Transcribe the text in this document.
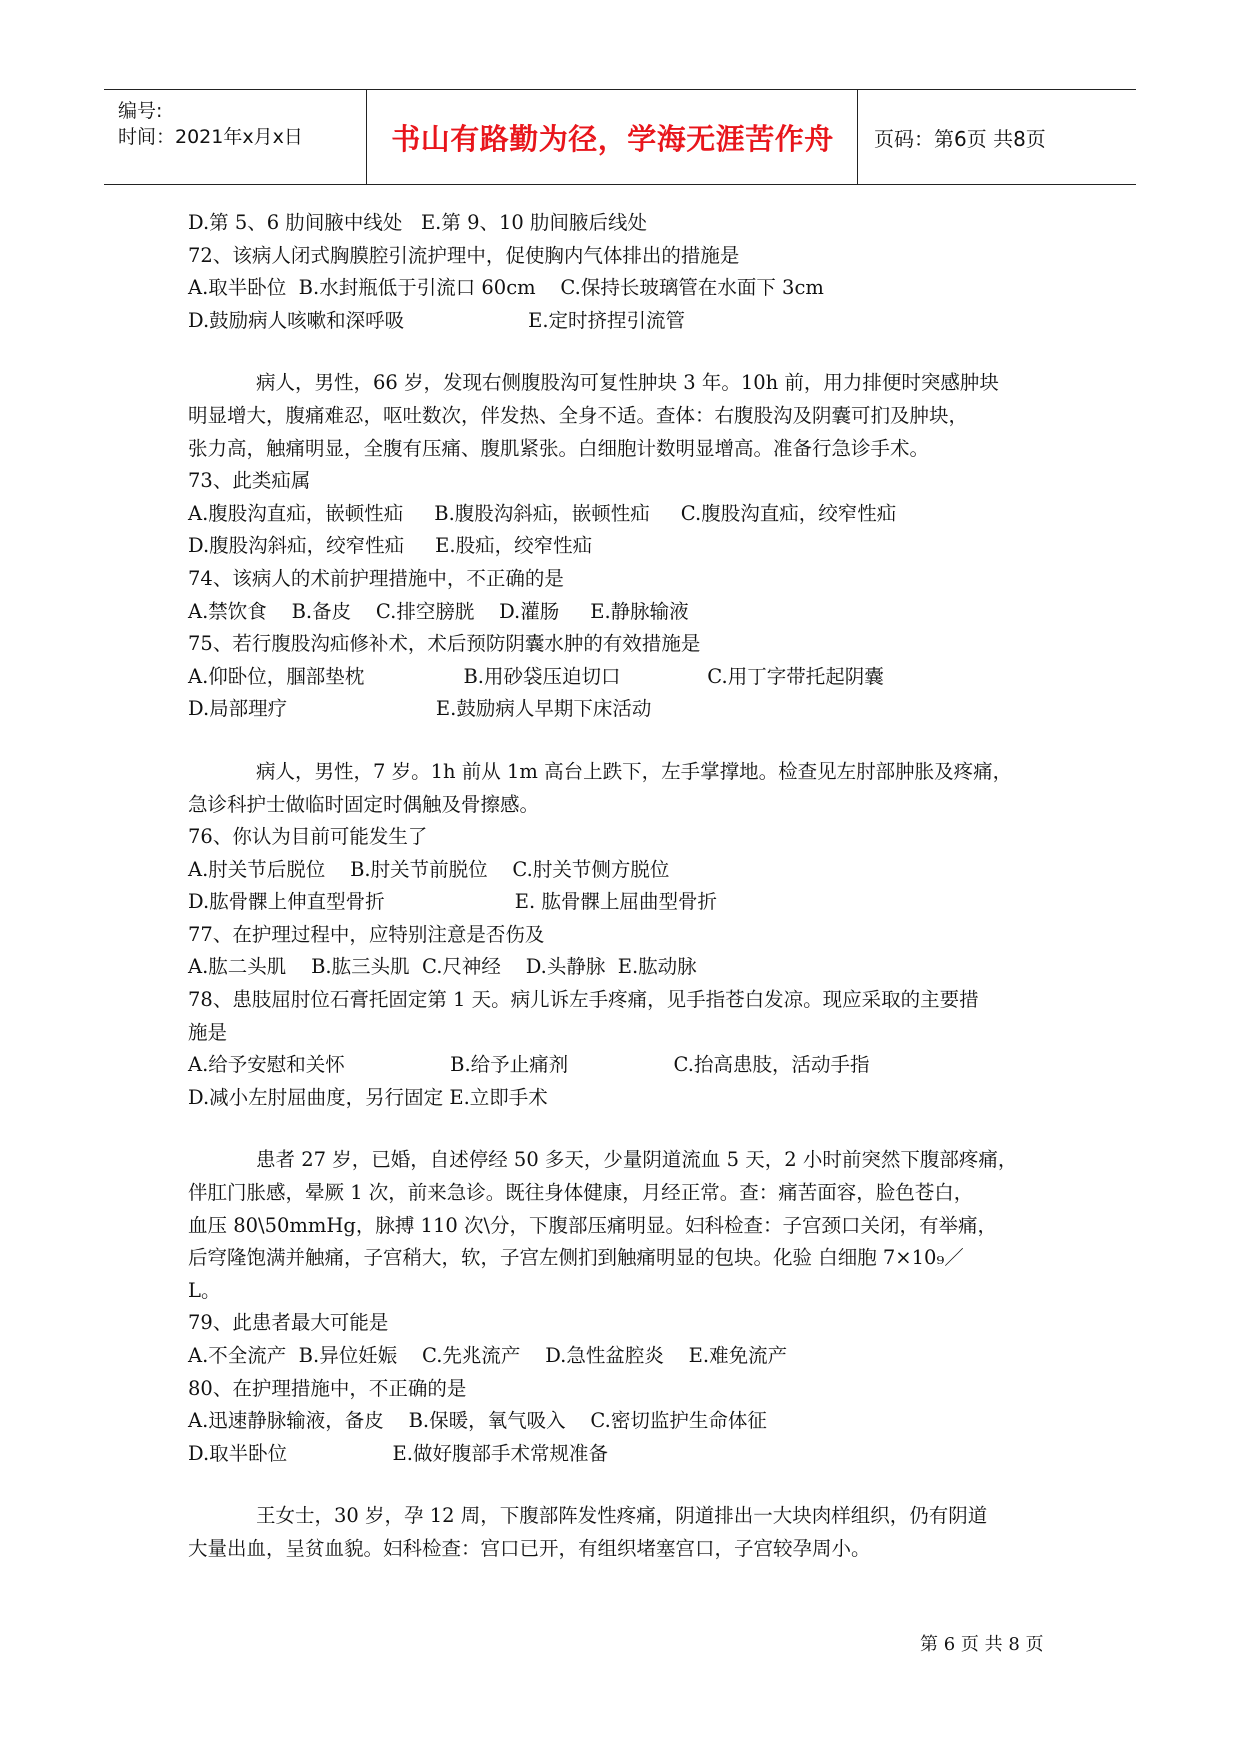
编号:
时间：2021年x月x日	书山有路勤为径，学海无涯苦作舟	页码：第6页 共8页
D.第 5、6 肋间腋中线处   E.第 9、10 肋间腋后线处
72、该病人闭式胸膜腔引流护理中，促使胸内气体排出的措施是
A.取半卧位  B.水封瓶低于引流口 60cm    C.保持长玻璃管在水面下 3cm
D.鼓励病人咳嗽和深呼吸                    E.定时挤捏引流管
病人，男性，66 岁，发现右侧腹股沟可复性肿块 3 年。10h 前，用力排便时突感肿块
明显增大，腹痛难忍，呕吐数次，伴发热、全身不适。查体：右腹股沟及阴囊可扪及肿块，
张力高，触痛明显，全腹有压痛、腹肌紧张。白细胞计数明显增高。准备行急诊手术。
73、此类疝属
A.腹股沟直疝，嵌顿性疝     B.腹股沟斜疝，嵌顿性疝     C.腹股沟直疝，绞窄性疝
D.腹股沟斜疝，绞窄性疝     E.股疝，绞窄性疝
74、该病人的术前护理措施中，不正确的是
A.禁饮食    B.备皮    C.排空膀胱    D.灌肠     E.静脉输液
75、若行腹股沟疝修补术，术后预防阴囊水肿的有效措施是
A.仰卧位，腘部垫枕                B.用砂袋压迫切口              C.用丁字带托起阴囊
D.局部理疗                        E.鼓励病人早期下床活动
病人，男性，7 岁。1h 前从 1m 高台上跌下，左手掌撑地。检查见左肘部肿胀及疼痛，
急诊科护士做临时固定时偶触及骨擦感。
76、你认为目前可能发生了
A.肘关节后脱位    B.肘关节前脱位    C.肘关节侧方脱位
D.肱骨髁上伸直型骨折                     E. 肱骨髁上屈曲型骨折
77、在护理过程中，应特别注意是否伤及
A.肱二头肌    B.肱三头肌  C.尺神经    D.头静脉  E.肱动脉
78、患肢屈肘位石膏托固定第 1 天。病儿诉左手疼痛，见手指苍白发凉。现应采取的主要措
施是
A.给予安慰和关怀                 B.给予止痛剂                 C.抬高患肢，活动手指
D.减小左肘屈曲度，另行固定 E.立即手术
患者 27 岁，已婚，自述停经 50 多天，少量阴道流血 5 天，2 小时前突然下腹部疼痛，
伴肛门胀感，晕厥 1 次，前来急诊。既往身体健康，月经正常。查：痛苦面容，脸色苍白，
血压 80\50mmHg，脉搏 110 次\分，下腹部压痛明显。妇科检查：子宫颈口关闭，有举痛，
后穹隆饱满并触痛，子宫稍大，软，子宫左侧扪到触痛明显的包块。化验 白细胞 7×10₉／
L。
79、此患者最大可能是
A.不全流产  B.异位妊娠    C.先兆流产    D.急性盆腔炎    E.难免流产
80、在护理措施中，不正确的是
A.迅速静脉输液，备皮    B.保暖，氧气吸入    C.密切监护生命体征
D.取半卧位                 E.做好腹部手术常规准备
王女士，30 岁，孕 12 周，下腹部阵发性疼痛，阴道排出一大块肉样组织，仍有阴道
大量出血，呈贫血貌。妇科检查：宫口已开，有组织堵塞宫口，子宫较孕周小。
第 6 页 共 8 页
